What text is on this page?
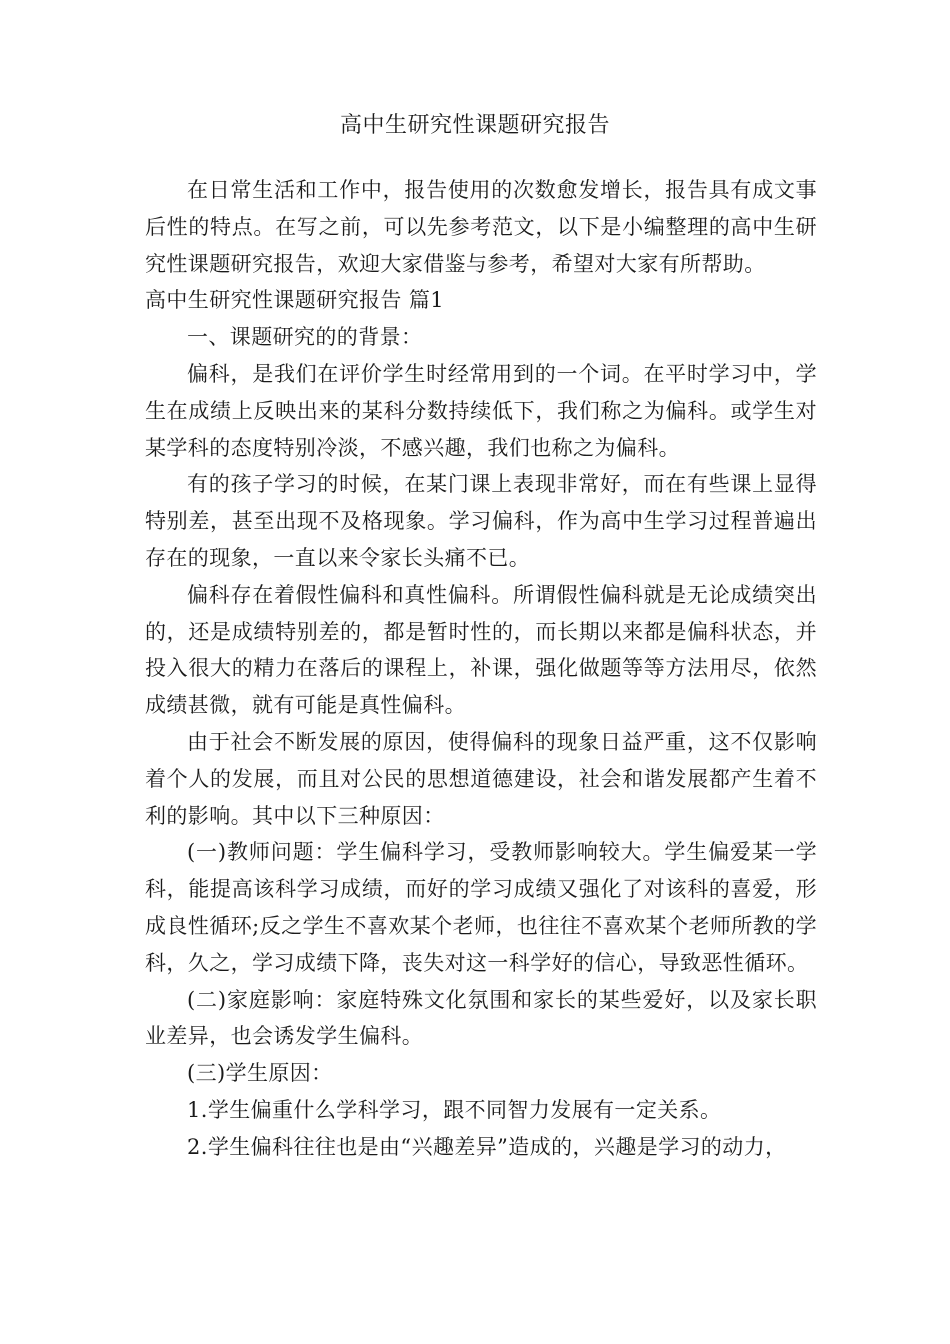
高中生研究性课题研究报告

在日常生活和工作中，报告使用的次数愈发增长，报告具有成文事后性的特点。在写之前，可以先参考范文，以下是小编整理的高中生研究性课题研究报告，欢迎大家借鉴与参考，希望对大家有所帮助。

高中生研究性课题研究报告 篇1

一、课题研究的的背景：

偏科，是我们在评价学生时经常用到的一个词。在平时学习中，学生在成绩上反映出来的某科分数持续低下，我们称之为偏科。或学生对某学科的态度特别冷淡，不感兴趣，我们也称之为偏科。

有的孩子学习的时候，在某门课上表现非常好，而在有些课上显得特别差，甚至出现不及格现象。学习偏科，作为高中生学习过程普遍出存在的现象，一直以来令家长头痛不已。

偏科存在着假性偏科和真性偏科。所谓假性偏科就是无论成绩突出的，还是成绩特别差的，都是暂时性的，而长期以来都是偏科状态，并投入很大的精力在落后的课程上，补课，强化做题等等方法用尽，依然成绩甚微，就有可能是真性偏科。

由于社会不断发展的原因，使得偏科的现象日益严重，这不仅影响着个人的发展，而且对公民的思想道德建设，社会和谐发展都产生着不利的影响。其中以下三种原因：

(一)教师问题：学生偏科学习，受教师影响较大。学生偏爱某一学科，能提高该科学习成绩，而好的学习成绩又强化了对该科的喜爱，形成良性循环;反之学生不喜欢某个老师，也往往不喜欢某个老师所教的学科，久之，学习成绩下降，丧失对这一科学好的信心，导致恶性循环。

(二)家庭影响：家庭特殊文化氛围和家长的某些爱好，以及家长职业差异，也会诱发学生偏科。

(三)学生原因：

1.学生偏重什么学科学习，跟不同智力发展有一定关系。

2.学生偏科往往也是由“兴趣差异”造成的，兴趣是学习的动力，
